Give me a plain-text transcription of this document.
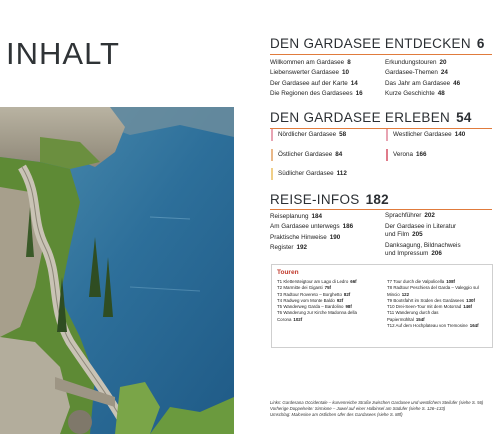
INHALT	DEN GARDASEE ENTDECKEN 6
Willkommen am Gardasee 8
Liebenswerter Gardasee 10
Der Gardasee auf der Karte 14
Die Regionen des Gardasees 16
Erkundungstouren 20
Gardasee-Themen 24
Das Jahr am Gardasee 46
Kurze Geschichte 48
DEN GARDASEE ERLEBEN 54
Nördlicher Gardasee 58	Westlicher Gardasee 140
Östlicher Gardasee 84	Verona 166
Südlicher Gardasee 112
REISE-INFOS 182
Reiseplanung 184
Am Gardasee unterwegs 186
Praktische Hinweise 190
Register 192
Sprachführer 202
Der Gardasee in Literatur
und Film 205
Danksagung, Bildnachweis
und Impressum 206
Touren
T1 Klettersteigtour am Lago di Ledro 66f
T2 Marmitte dei Giganti 75f
T3 Radtour Rovereto – Borghetto 82f
T4 Radweg vom Monte Baldo 92f
T5 Wanderweg Garda – Bardolino 98f
T6 Wanderung zur Kirche Madonna della
Corona 102f
T7 Tour durch die Valpolicella 108f
T8 Radtour Peschiera del Garda – Valeggio sul
Mincio 122
T9 Bootsfahrt im Süden des Gardasees 130f
T10 Drei-Seen-Tour mit dem Motorrad 146f
T11 Wanderung durch das
Papiermühltal 154f
T12 Auf dem Hochplateau von Tremosine 164f
Links: Gardesana Occidentale – kurvenreiche Straße zwischen Gardasee und westlichem Steilufer (siehe S. 56)
Vorherige Doppelseite: Sirmione – Juwel auf einer Halbinsel am Südufer (siehe S. 126–133)
Umschlag: Malcesine am östlichen Ufer des Gardasees (siehe S. 88f)
